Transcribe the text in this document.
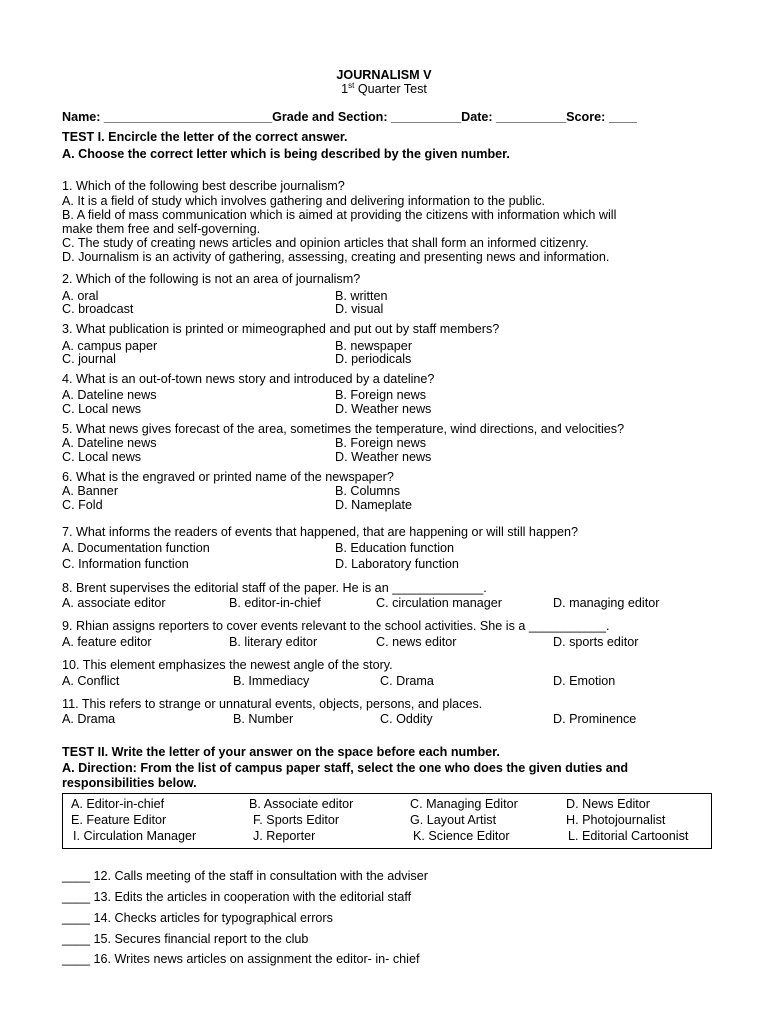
JOURNALISM V
1st Quarter Test
Name: ________________________Grade and Section: __________Date: __________Score: ____
TEST I. Encircle the letter of the correct answer.
A. Choose the correct letter which is being described by the given number.
1. Which of the following best describe journalism?
A. It is a field of study which involves gathering and delivering information to the public.
B. A field of mass communication which is aimed at providing the citizens with information which will
make them free and self-governing.
C. The study of creating news articles and opinion articles that shall form an informed citizenry.
D. Journalism is an activity of gathering, assessing, creating and presenting news and information.
2. Which of the following is not an area of journalism?
A. oral	B. written
C. broadcast	D. visual
3. What publication is printed or mimeographed and put out by staff members?
A. campus paper	B. newspaper
C. journal	D. periodicals
4. What is an out-of-town news story and introduced by a dateline?
A. Dateline news	B. Foreign news
C. Local news	D. Weather news
5. What news gives forecast of the area, sometimes the temperature, wind directions, and velocities?
A. Dateline news	B. Foreign news
C. Local news	D. Weather news
6. What is the engraved or printed name of the newspaper?
A. Banner	B. Columns
C. Fold	D. Nameplate
7. What informs the readers of events that happened, that are happening or will still happen?
A. Documentation function	B. Education function
C. Information function	D. Laboratory function
8. Brent supervises the editorial staff of the paper. He is an _____________.
A. associate editor	B. editor-in-chief	C. circulation manager	D. managing editor
9. Rhian assigns reporters to cover events relevant to the school activities. She is a ___________.
A. feature editor	B. literary editor	C. news editor	D. sports editor
10. This element emphasizes the newest angle of the story.
A. Conflict	B. Immediacy	C. Drama	D. Emotion
11. This refers to strange or unnatural events, objects, persons, and places.
A. Drama	B. Number	C. Oddity	D. Prominence
TEST II. Write the letter of your answer on the space before each number.
A. Direction: From the list of campus paper staff, select the one who does the given duties and
responsibilities below.
A. Editor-in-chief	B. Associate editor	C. Managing Editor	D. News Editor
E. Feature Editor	F. Sports Editor	G. Layout Artist	H. Photojournalist
I. Circulation Manager	J. Reporter	K. Science Editor	L. Editorial Cartoonist
____ 12. Calls meeting of the staff in consultation with the adviser
____ 13. Edits the articles in cooperation with the editorial staff
____ 14. Checks articles for typographical errors
____ 15. Secures financial report to the club
____ 16. Writes news articles on assignment the editor- in- chief
